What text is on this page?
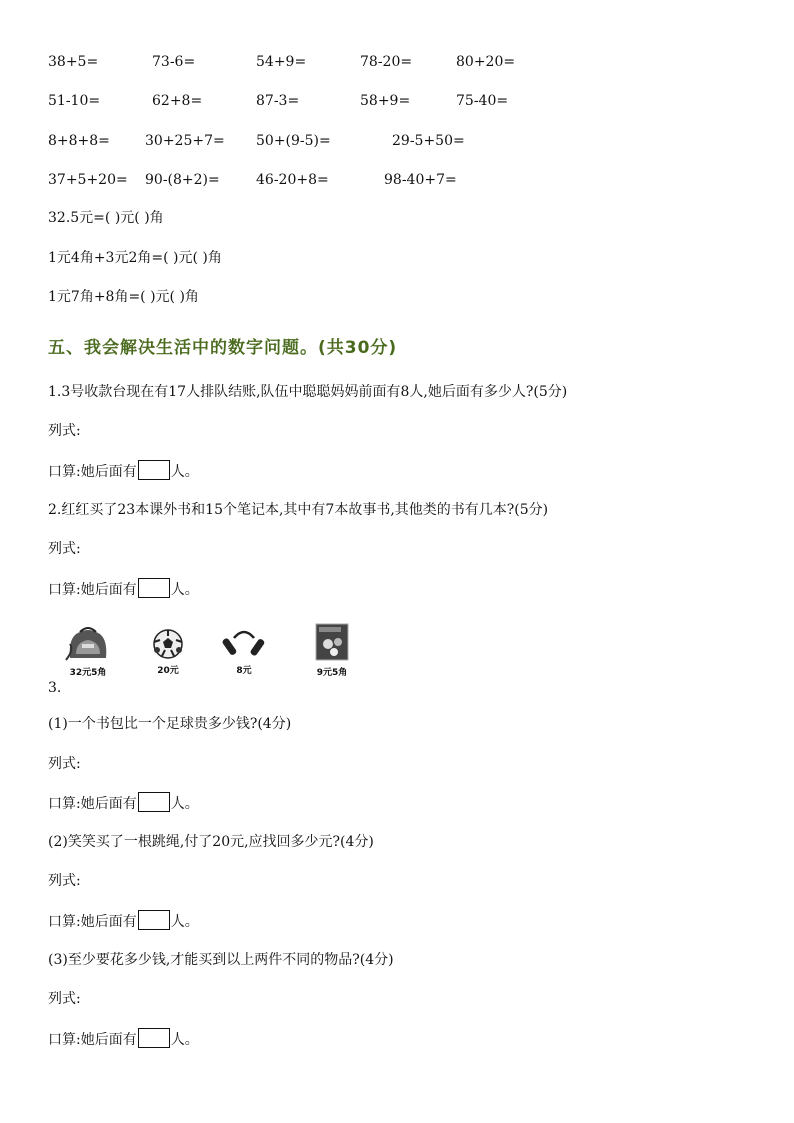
38+5=	73-6=	54+9=	78-20=	80+20=
51-10=	62+8=	87-3=	58+9=	75-40=
8+8+8=	30+25+7= 50+(9-5)=	29-5+50=
37+5+20= 90-(8+2)=	46-20+8=	98-40+7=
32.5元=( )元( )角
1元4角+3元2角=( )元( )角
1元7角+8角=( )元( )角
五、我会解决生活中的数字问题。(共30分)
1.3号收款台现在有17人排队结账,队伍中聪聪妈妈前面有8人,她后面有多少人?(5分)
列式:
口算:她后面有 人。
2.红红买了23本课外书和15个笔记本,其中有7本故事书,其他类的书有几本?(5分)
列式:
口算:她后面有 人。
32元5角	20元	8元	9元5角
3.
(1)一个书包比一个足球贵多少钱?(4分)
列式:
口算:她后面有 人。
(2)笑笑买了一根跳绳,付了20元,应找回多少元?(4分)
列式:
口算:她后面有 人。
(3)至少要花多少钱,才能买到以上两件不同的物品?(4分)
列式:
口算:她后面有 人。
